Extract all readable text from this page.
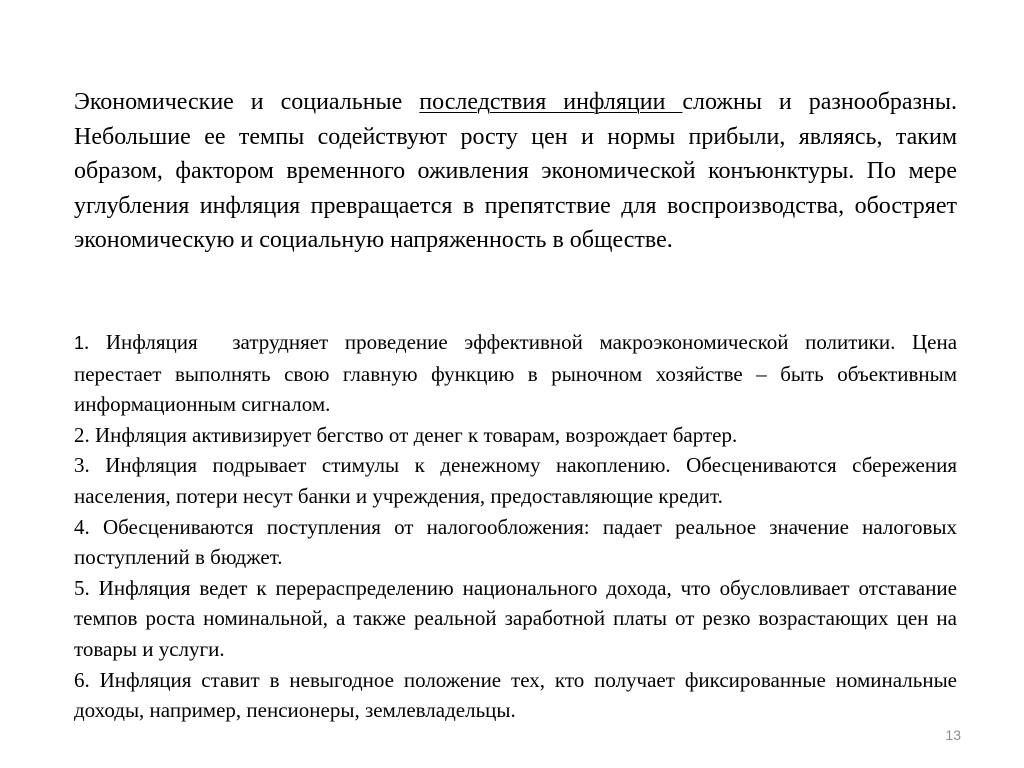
Экономические и социальные последствия инфляции сложны и разнообразны. Небольшие ее темпы содействуют росту цен и нормы прибыли, являясь, таким образом, фактором временного оживления экономической конъюнктуры. По мере углубления инфляция превращается в препятствие для воспроизводства, обостряет экономическую и социальную напряженность в обществе.

1. Инфляция затрудняет проведение эффективной макроэкономической политики. Цена перестает выполнять свою главную функцию в рыночном хозяйстве – быть объективным информационным сигналом.

2. Инфляция активизирует бегство от денег к товарам, возрождает бартер.

3. Инфляция подрывает стимулы к денежному накоплению. Обесцениваются сбережения населения, потери несут банки и учреждения, предоставляющие кредит.

4. Обесцениваются поступления от налогообложения: падает реальное значение налоговых поступлений в бюджет.

5. Инфляция ведет к перераспределению национального дохода, что обусловливает отставание темпов роста номинальной, а также реальной заработной платы от резко возрастающих цен на товары и услуги.

6. Инфляция ставит в невыгодное положение тех, кто получает фиксированные номинальные доходы, например, пенсионеры, землевладельцы.

13
